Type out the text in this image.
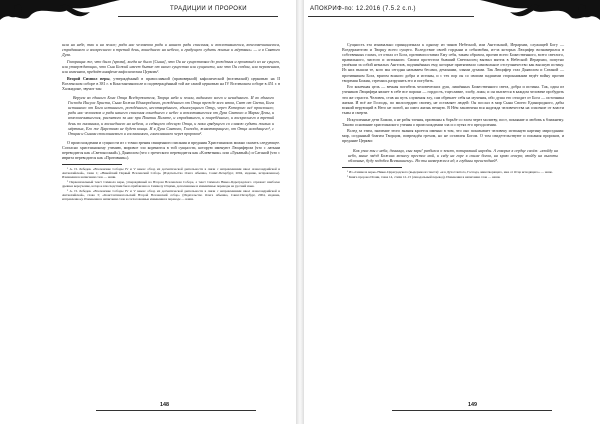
ТРАДИЦИИ И ПРОРОКИ

шла на небе, так и на земле; рада нас человеков ради и нашего ради спасения, и воплотившегося, вочеловечившегося, страдавшего и воскресшего в третий день, вошедшего на небеса, и грядущего судить живых и мёртвых» — и в Святого Духа.

Говорящих же, что было [время], когда не было [Сына], что Он не существовал до рождения и произошёл из не сущего, или утверждающих, что Сын Божий имеет бытие от иного существа или сущности, или что Он создан, или переменяем, или изменяем, предаёт анафеме кафолическая Церковь¹.

Второй Символ веры, утверждённый в православной (правоверной) кафолической (вселенской) церковью на II Вселенском соборе в 381 г. в Константинополе и подтверждённый той же самой церковью на IV Вселенском соборе в 451 г. в Халкидоне, звучит так:

Веруем во единого Бога Отца Вседержителя, Творца неба и земли, видимого всего и невидимого. И во единого Господа Иисуса Христа, Сына Божия Единородного, рождённого от Отца прежде всех веков, Свет от Света, Бога истинного от Бога истинного, рождённого, несотворённого, единосущного Отцу, через Которого всё произошло; ради нас человеков и ради нашего спасения сошедшего с небес и воплотившегося от Духа Святого и Марии Девы, и вочеловечившегося, распятого за нас при Понтии Пилате, и страдавшего, и погребённого, и воскресшего в третий день по писаниям, и восшедшего на небеса, и седящего одесную Отца, и паки грядущего со славою судить живых и мёртвых, Его же Царствию не будет конца. И в Духа Святого, Господа, животворящего, от Отца исходящего¹, с Отцом и Сыном споклоняемого и сославимого, глаголавшего через пророков².

О происхождении и сущности из с точки зрения священного писания и предания Христианских можно сказать следующее. Согласно христианскому учению, мировое зло коренится в той сущности, которую именуют Люцифером (что с латыни переводится как «Светоносный»), Дьяволом (что с греческого переводится как «Клеветник» или «Лукавый») и Сатаной (что с иврита переводится как «Противник»).

¹ А. П. Лебедев. «Вселенские Соборы IV и V веков: обзор их догматической деятельности в связи с направлениями школ Александрийской и Антиохийской», глава 1; «Никейский Первый Вселенский Собор» (Издательство Олега Абышко, Санкт-Петербург, 2004, издание, исправленное). Изменения в написании слов — наши.

² Первоначальный текст Символа веры, утверждённый на Втором Вселенском Соборе, а текст Символа Никео-Цареградского отражает наиболее древнее вероучение, которое впоследствии было прибавлено к Символу Отцами, дополненные и изменённые переводы на русский язык.

³ А. П. Лебедев. «Вселенские Соборы IV и V веков: обзор их догматической деятельности в связи с направлениями школ Александрийской и Антиохийской», глава 3; «Константинопольский Второй Вселенский собор» (Издательство Олега Абышко, Санкт-Петербург, 2004, издание, исправленное). Изменения в написании слов и согласованные изменения в переводе — наши.

148
АПОКРИФ-по: 12.2016 (7.5.2 с.п.)

Сущность эта изначально принадлежала к одному из чинов Небесной, или Ангельской, Иерархии, служащей Богу — Вседержителю и Творцу всего сущего. Вследствие своей гордыни и себялюбия, из-за которых Люцифер вознамерился в собственных глазах, от отпал от Бога, противопоставил Ему себя, таким образом, против всего Божественного, всего светлого, правильного, чистого и истинного. Своим протестом бывший Светоносец вызвал мятеж в Небесной Иерархии, попутно увлёкши за собой немалых Ангелов, подчинённых ему, которые притягивало самовольное отступничество как высшую истину. Из них вышли те, кого мы сегодня называем бесами, демонами, злыми духами. Так Люцифер стал Дьяволом и Сатаной — противником Бога, врагом всякого добра и истины, и с тех пор он со своими падшими сторонниками ведёт войну против творения Божия, стремясь разрушить его и погубить.

Его конечная цель — вечная погибель человеческих душ, лишённых Божественного света, добра и истины. Так, один из учеников Люцифера являет в себе все пороки — гордость, тщеславие, злобу, ложь; и он пытается в каждом человеке пробудить эти же страсти. Человек, став на путь служения злу, сам обрекает себя на мучения, ибо душа его отходит от Бога — источника жизни. И всё же Господь, по милосердию своему, не оставляет людей: Он послал в мир Сына Своего Единородного, дабы всякий верующий в Него не погиб, но имел жизнь вечную. В Нём заключена вся надежда человечества на спасение от власти тьмы и смерти.

Искупленные дети Божии, а не рабы тления, призваны к борьбе со злом через молитву, пост, покаяние и любовь к ближнему. Таково основание христианского учения о происхождении зла и о путях его преодоления.

Вслед за этим, значение этого знания кроется именно в том, что оно показывает человеку истинную картину мироздания: мир, созданный благим Творцом, повреждён грехом, но не оставлен Богом. О том свидетельствуют и писания пророков, и предание Церкви:

Как упал ты с неба, денница, сын зари! разбился о землю, попиравший народы. А говорил в сердце своём: «взойду на небо, выше звёзд Божиих вознесу престол мой, и сяду на горе в сонме богов, на краю севера; взойду на высоты облачные, буду подобен Всевышнему». Но ты низвержен в ад, в глубины преисподней³.

¹ Из «Символа веры» Никео-Цареградского (выдержка из текста): «и в Духа Святого, Господа, животворящего, иже от Отца исходящего» — наше.

² Книга пророка Исаии, глава 14, стихи 12–15 (синодальный перевод). Изменения в написании слов — наши.

149
